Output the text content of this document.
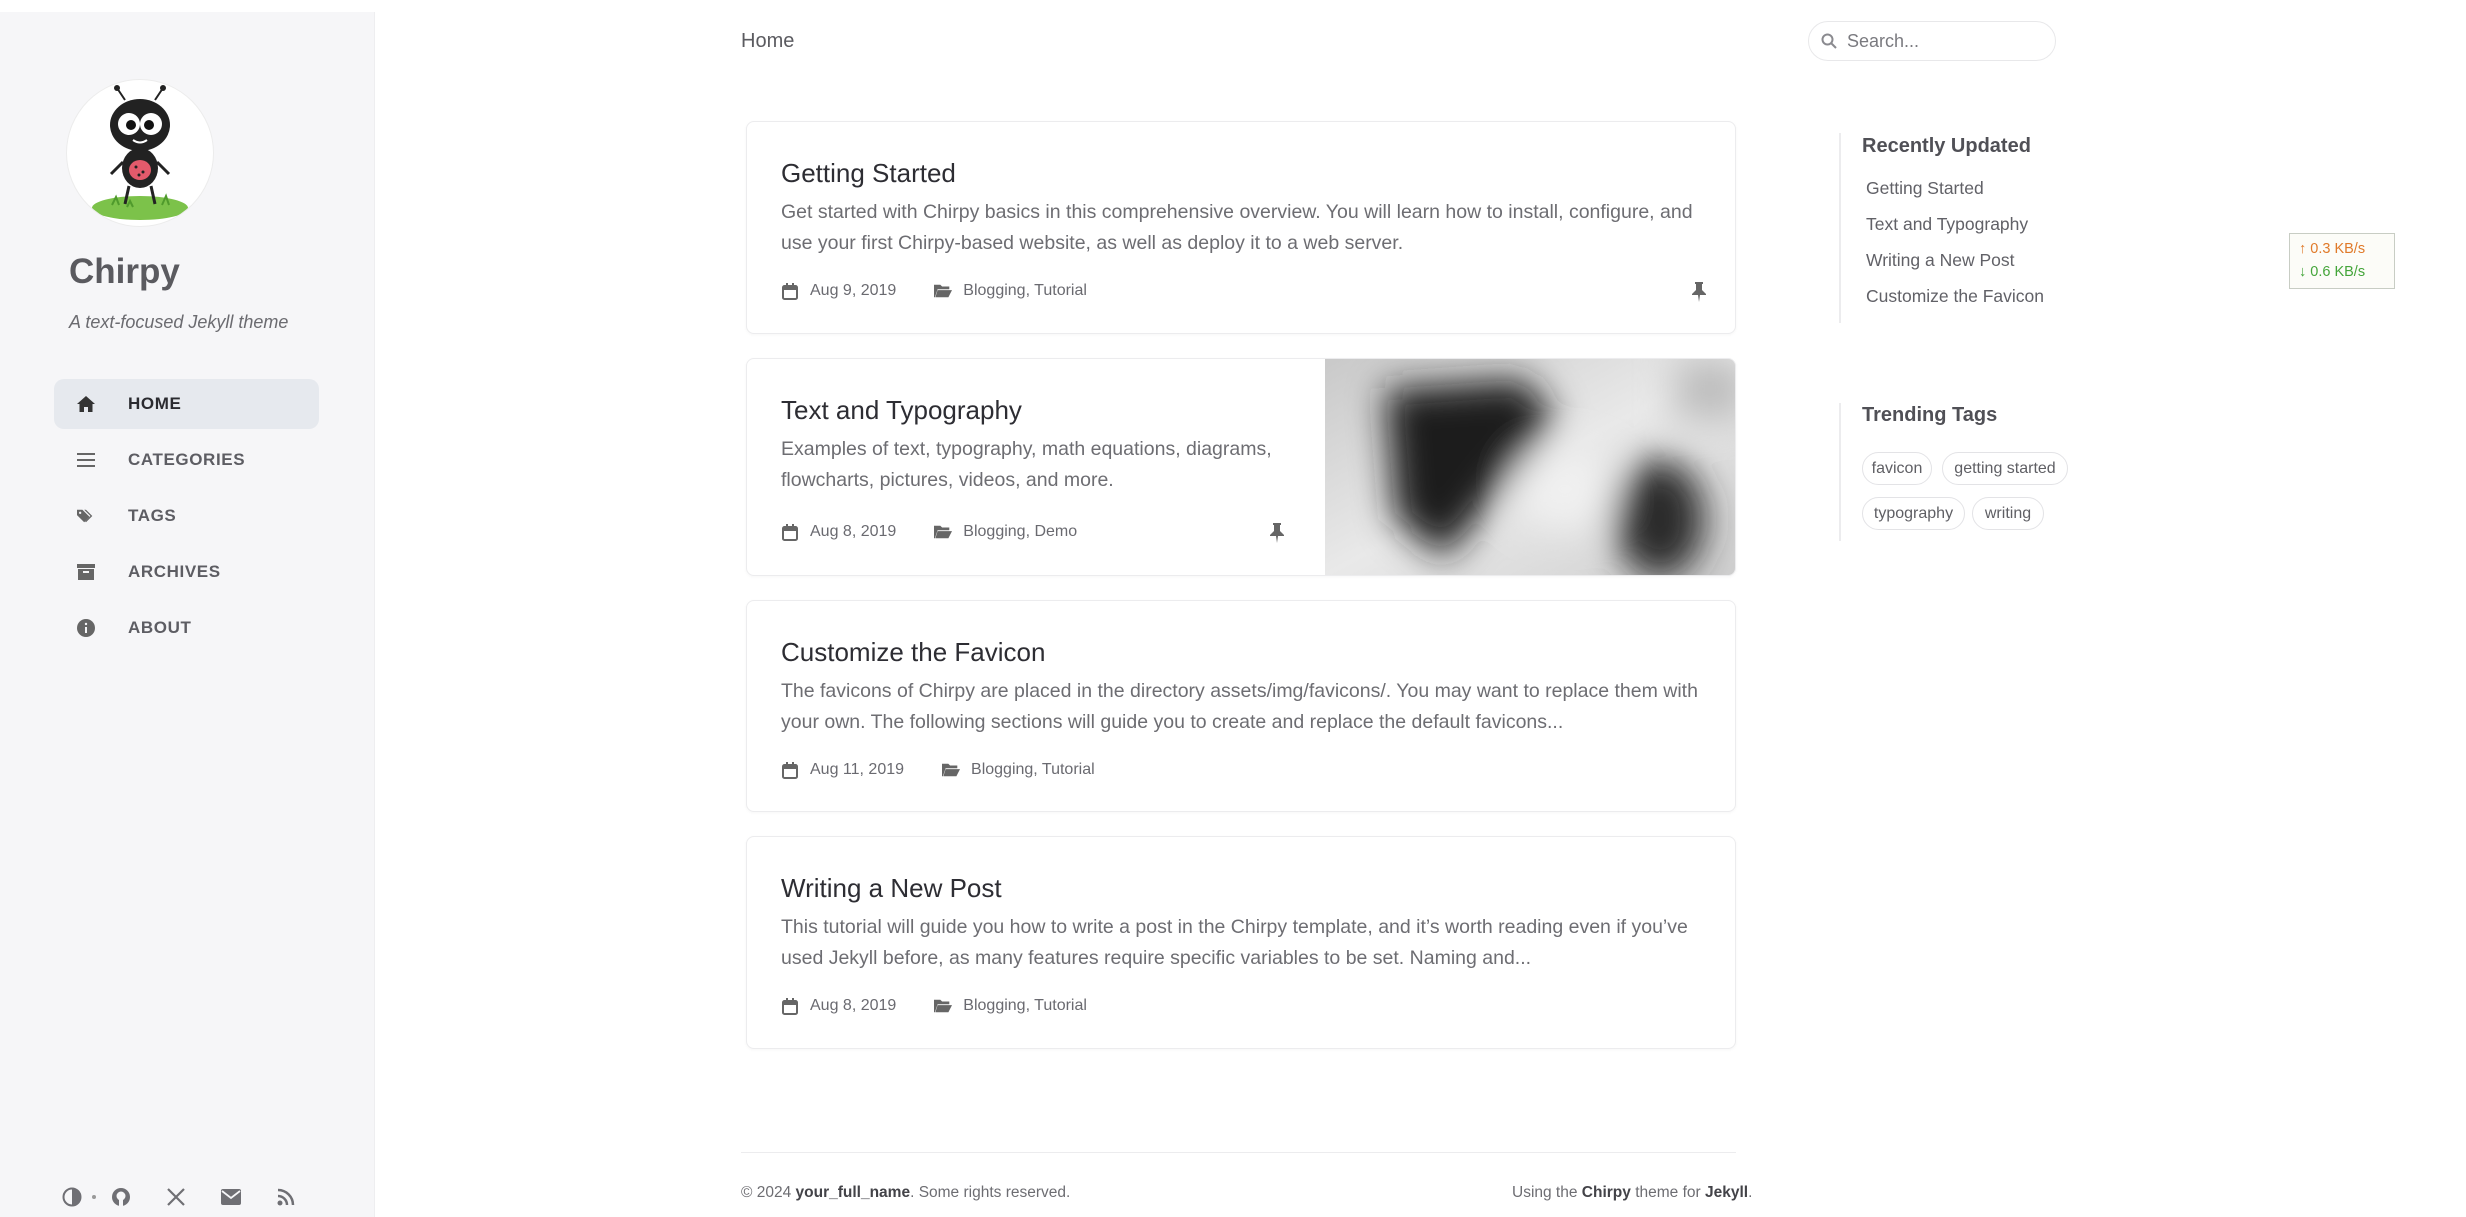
Chirpy
A text-focused Jekyll theme
HOME
CATEGORIES
TAGS
ARCHIVES
ABOUT
Home
Search...
Getting Started
Get started with Chirpy basics in this comprehensive overview. You will learn how to install, configure, and use your first Chirpy-based website, as well as deploy it to a web server.
Aug 9, 2019	Blogging, Tutorial
Text and Typography
Examples of text, typography, math equations, diagrams, flowcharts, pictures, videos, and more.
Aug 8, 2019	Blogging, Demo
Customize the Favicon
The favicons of Chirpy are placed in the directory assets/img/favicons/. You may want to replace them with your own. The following sections will guide you to create and replace the default favicons...
Aug 11, 2019	Blogging, Tutorial
Writing a New Post
This tutorial will guide you how to write a post in the Chirpy template, and it’s worth reading even if you’ve used Jekyll before, as many features require specific variables to be set. Naming and...
Aug 8, 2019	Blogging, Tutorial
Recently Updated
Getting Started
Text and Typography
Writing a New Post
Customize the Favicon
Trending Tags
favicon	getting started
typography	writing
↑ 0.3 KB/s
↓ 0.6 KB/s
© 2024 your_full_name. Some rights reserved.	Using the Chirpy theme for Jekyll.
